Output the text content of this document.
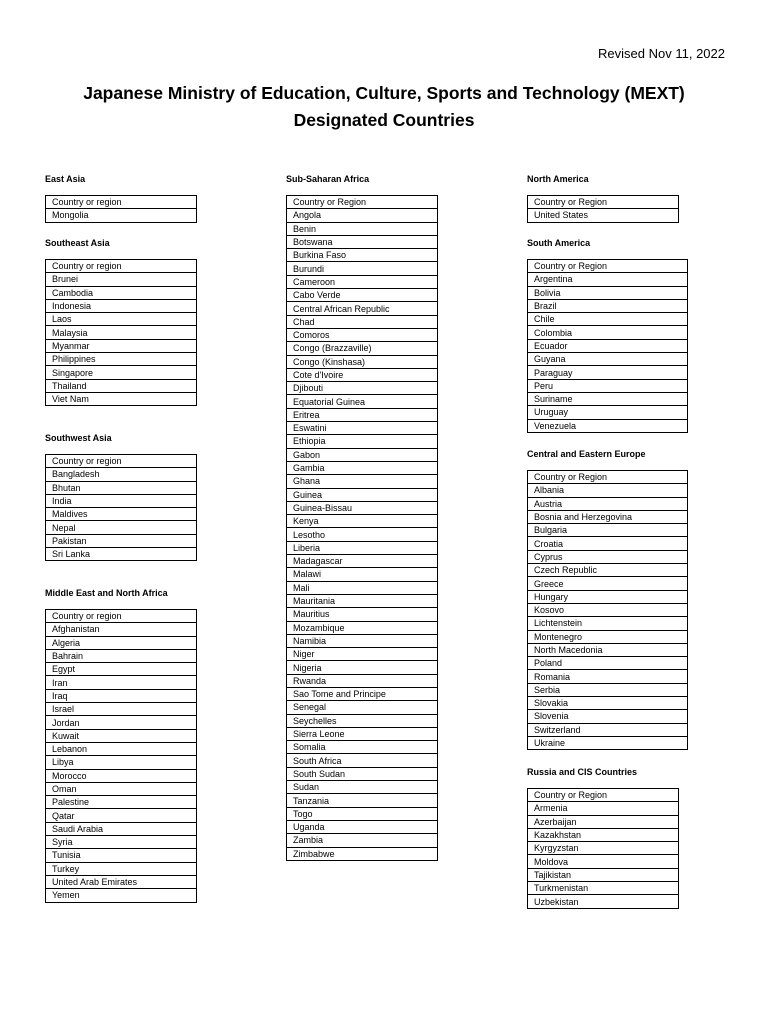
Revised Nov 11, 2022
Japanese Ministry of Education, Culture, Sports and Technology (MEXT)
Designated Countries
East Asia
Country or region
Mongolia
Southeast Asia
Country or region
Brunei
Cambodia
Indonesia
Laos
Malaysia
Myanmar
Philippines
Singapore
Thailand
Viet Nam
Southwest Asia
Country or region
Bangladesh
Bhutan
India
Maldives
Nepal
Pakistan
Sri Lanka
Middle East and North Africa
Country or region
Afghanistan
Algeria
Bahrain
Egypt
Iran
Iraq
Israel
Jordan
Kuwait
Lebanon
Libya
Morocco
Oman
Palestine
Qatar
Saudi Arabia
Syria
Tunisia
Turkey
United Arab Emirates
Yemen
Sub-Saharan Africa
Country or Region
Angola
Benin
Botswana
Burkina Faso
Burundi
Cameroon
Cabo Verde
Central African Republic
Chad
Comoros
Congo (Brazzaville)
Congo (Kinshasa)
Cote d'Ivoire
Djibouti
Equatorial Guinea
Eritrea
Eswatini
Ethiopia
Gabon
Gambia
Ghana
Guinea
Guinea-Bissau
Kenya
Lesotho
Liberia
Madagascar
Malawi
Mali
Mauritania
Mauritius
Mozambique
Namibia
Niger
Nigeria
Rwanda
Sao Tome and Principe
Senegal
Seychelles
Sierra Leone
Somalia
South Africa
South Sudan
Sudan
Tanzania
Togo
Uganda
Zambia
Zimbabwe
North America
Country or Region
United States
South America
Country or Region
Argentina
Bolivia
Brazil
Chile
Colombia
Ecuador
Guyana
Paraguay
Peru
Suriname
Uruguay
Venezuela
Central and Eastern Europe
Country or Region
Albania
Austria
Bosnia and Herzegovina
Bulgaria
Croatia
Cyprus
Czech Republic
Greece
Hungary
Kosovo
Lichtenstein
Montenegro
North Macedonia
Poland
Romania
Serbia
Slovakia
Slovenia
Switzerland
Ukraine
Russia and CIS Countries
Country or Region
Armenia
Azerbaijan
Kazakhstan
Kyrgyzstan
Moldova
Tajikistan
Turkmenistan
Uzbekistan
